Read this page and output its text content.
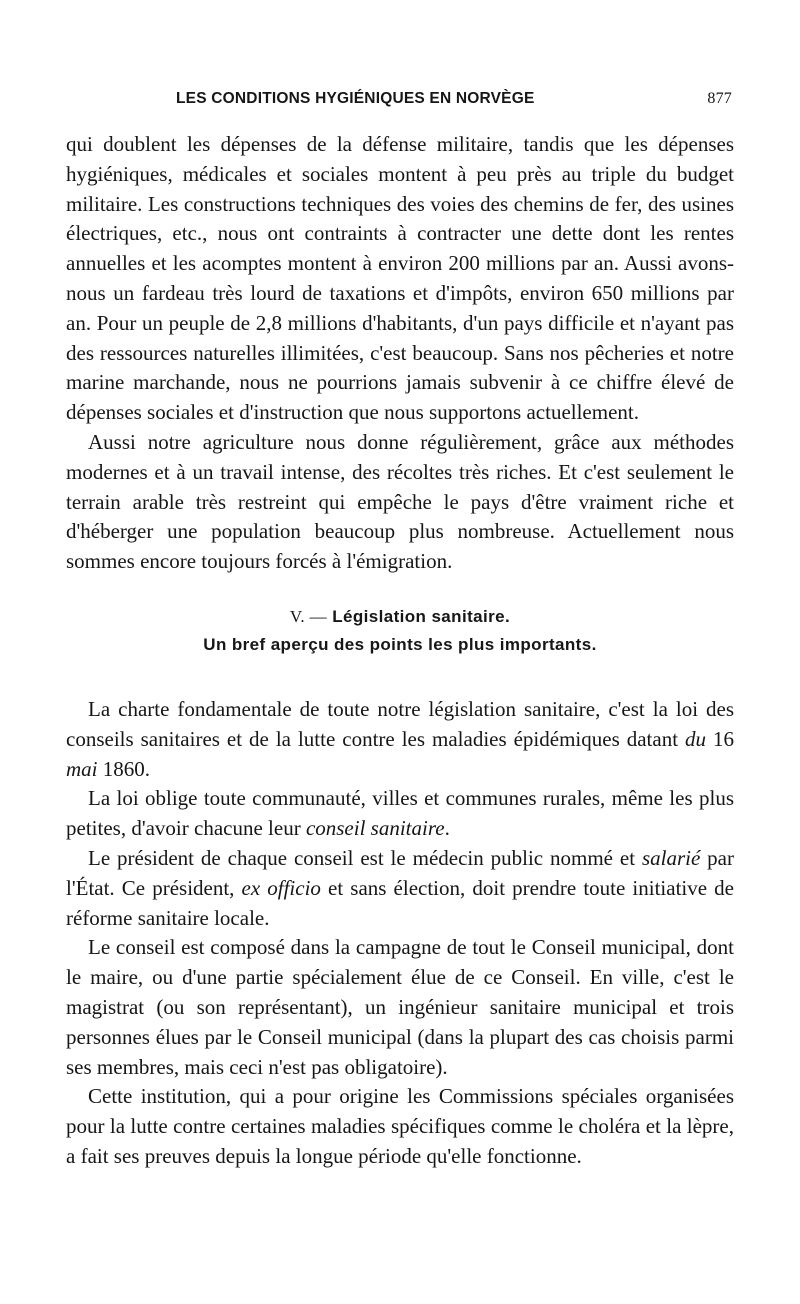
LES CONDITIONS HYGIÉNIQUES EN NORVÈGE	877

qui doublent les dépenses de la défense militaire, tandis que les dépenses hygiéniques, médicales et sociales montent à peu près au triple du budget militaire. Les constructions techniques des voies des chemins de fer, des usines électriques, etc., nous ont contraints à contracter une dette dont les rentes annuelles et les acomptes montent à environ 200 millions par an. Aussi avons-nous un fardeau très lourd de taxations et d'impôts, environ 650 millions par an. Pour un peuple de 2,8 millions d'habitants, d'un pays difficile et n'ayant pas des ressources naturelles illimitées, c'est beaucoup. Sans nos pêcheries et notre marine marchande, nous ne pourrions jamais subvenir à ce chiffre élevé de dépenses sociales et d'instruction que nous supportons actuellement.

Aussi notre agriculture nous donne régulièrement, grâce aux méthodes modernes et à un travail intense, des récoltes très riches. Et c'est seulement le terrain arable très restreint qui empêche le pays d'être vraiment riche et d'héberger une population beaucoup plus nombreuse. Actuellement nous sommes encore toujours forcés à l'émigration.

V. — Législation sanitaire.
Un bref aperçu des points les plus importants.

La charte fondamentale de toute notre législation sanitaire, c'est la loi des conseils sanitaires et de la lutte contre les maladies épidémiques datant du 16 mai 1860.

La loi oblige toute communauté, villes et communes rurales, même les plus petites, d'avoir chacune leur conseil sanitaire.

Le président de chaque conseil est le médecin public nommé et salarié par l'État. Ce président, ex officio et sans élection, doit prendre toute initiative de réforme sanitaire locale.

Le conseil est composé dans la campagne de tout le Conseil municipal, dont le maire, ou d'une partie spécialement élue de ce Conseil. En ville, c'est le magistrat (ou son représentant), un ingénieur sanitaire municipal et trois personnes élues par le Conseil municipal (dans la plupart des cas choisis parmi ses membres, mais ceci n'est pas obligatoire).

Cette institution, qui a pour origine les Commissions spéciales organisées pour la lutte contre certaines maladies spécifiques comme le choléra et la lèpre, a fait ses preuves depuis la longue période qu'elle fonctionne.
